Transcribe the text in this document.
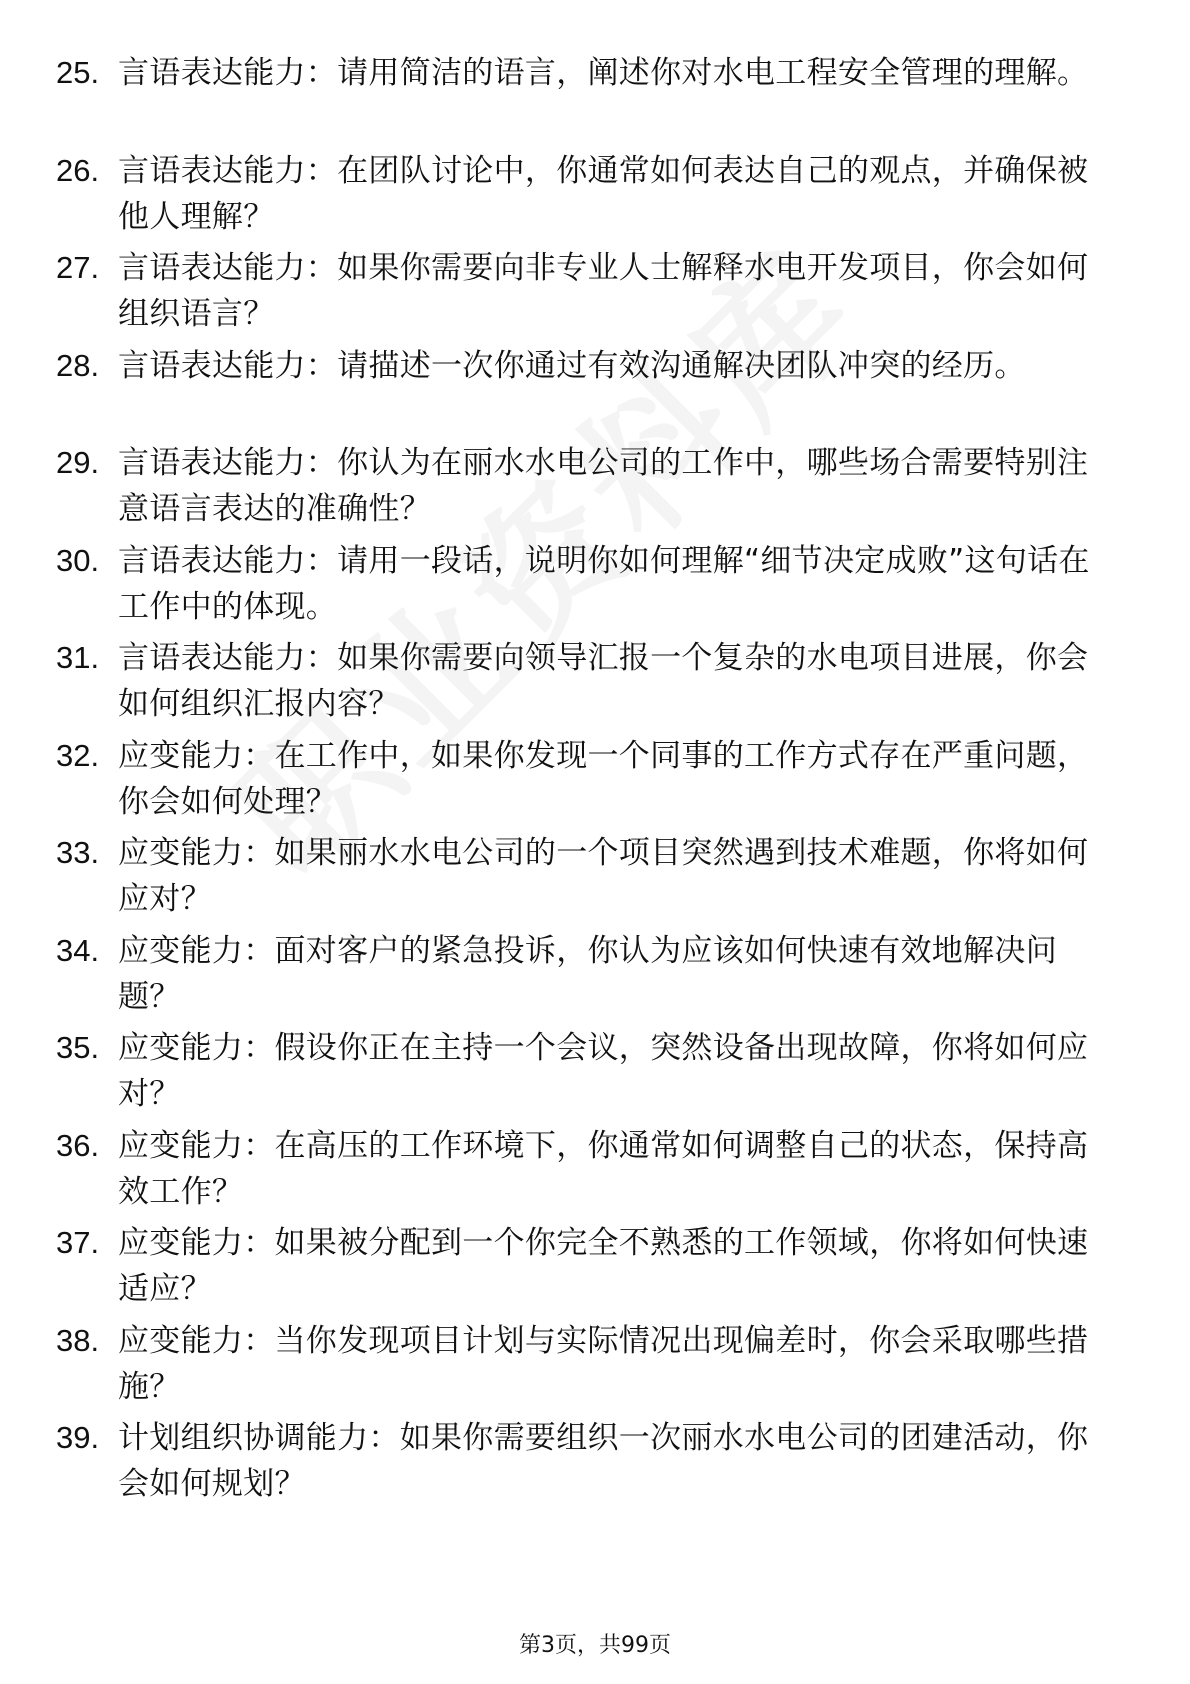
25. 言语表达能力：请用简洁的语言，阐述你对水电工程安全管理的理解。
26. 言语表达能力：在团队讨论中，你通常如何表达自己的观点，并确保被他人理解？
27. 言语表达能力：如果你需要向非专业人士解释水电开发项目，你会如何组织语言？
28. 言语表达能力：请描述一次你通过有效沟通解决团队冲突的经历。
29. 言语表达能力：你认为在丽水水电公司的工作中，哪些场合需要特别注意语言表达的准确性？
30. 言语表达能力：请用一段话，说明你如何理解“细节决定成败”这句话在工作中的体现。
31. 言语表达能力：如果你需要向领导汇报一个复杂的水电项目进展，你会如何组织汇报内容？
32. 应变能力：在工作中，如果你发现一个同事的工作方式存在严重问题，你会如何处理？
33. 应变能力：如果丽水水电公司的一个项目突然遇到技术难题，你将如何应对？
34. 应变能力：面对客户的紧急投诉，你认为应该如何快速有效地解决问题？
35. 应变能力：假设你正在主持一个会议，突然设备出现故障，你将如何应对？
36. 应变能力：在高压的工作环境下，你通常如何调整自己的状态，保持高效工作？
37. 应变能力：如果被分配到一个你完全不熟悉的工作领域，你将如何快速适应？
38. 应变能力：当你发现项目计划与实际情况出现偏差时，你会采取哪些措施？
39. 计划组织协调能力：如果你需要组织一次丽水水电公司的团建活动，你会如何规划？
第3页，共99页
